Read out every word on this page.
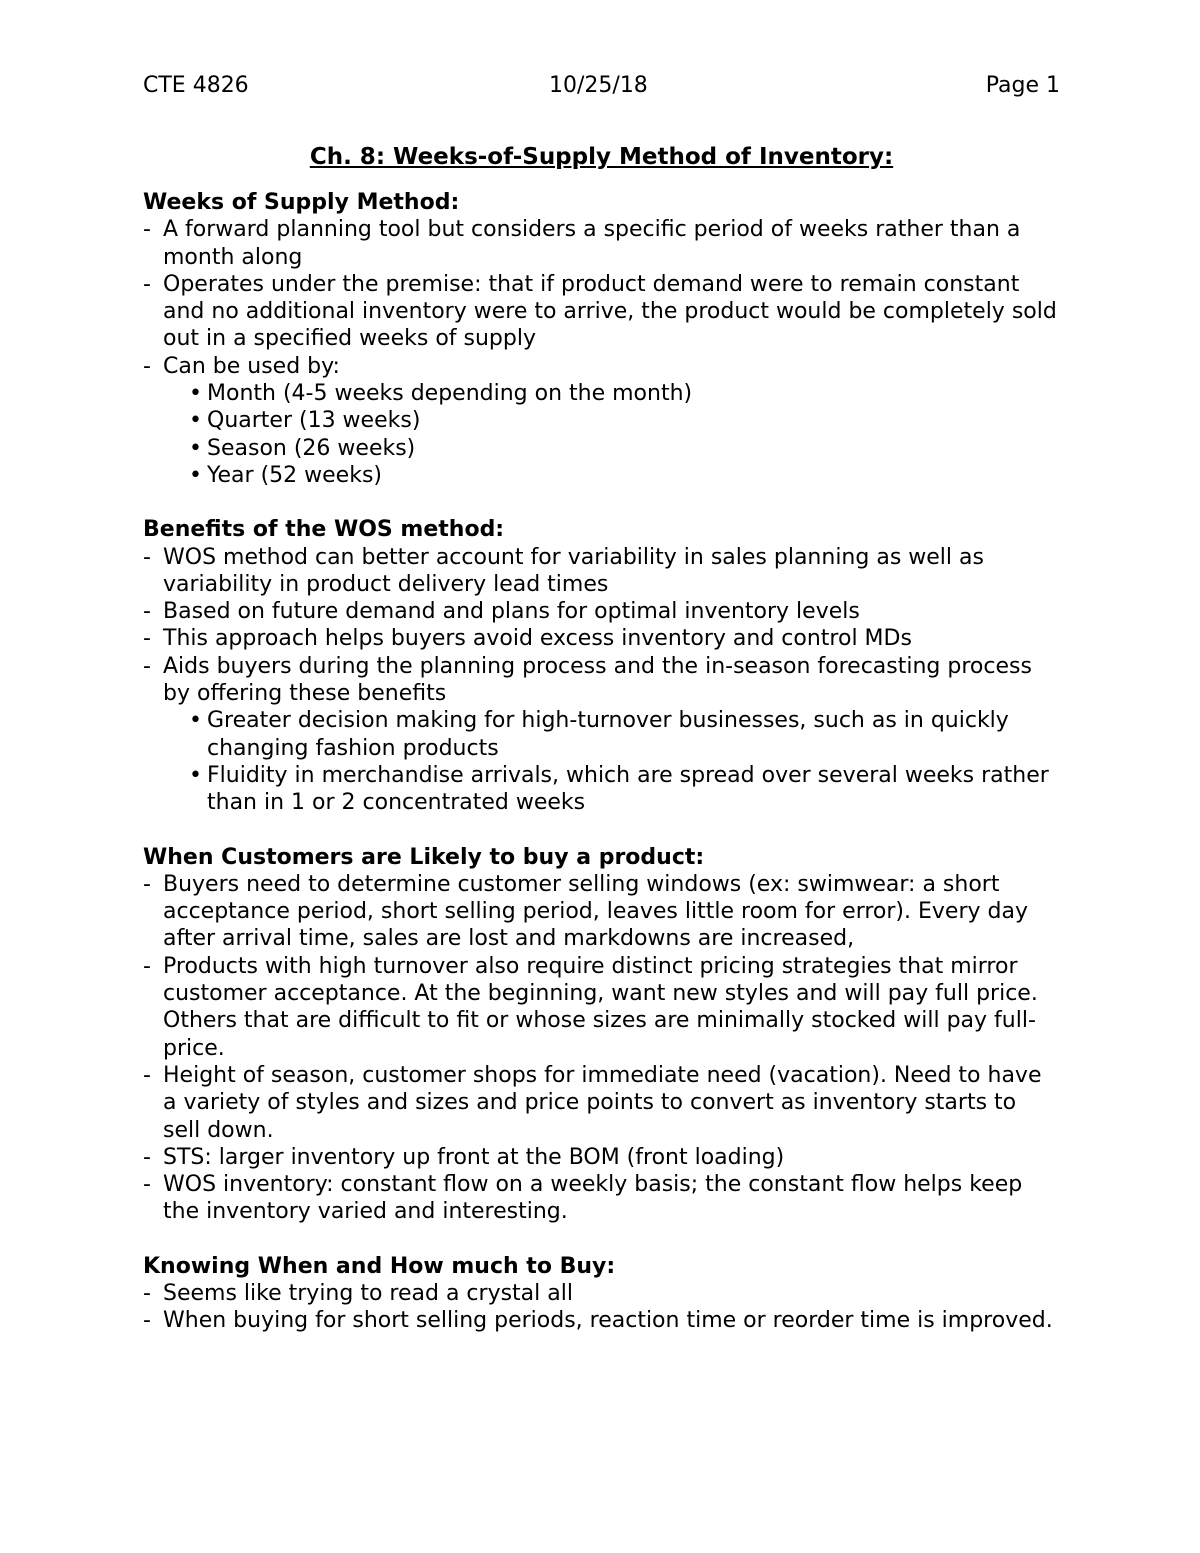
CTE 4826	10/25/18	Page 1
Ch. 8: Weeks-of-Supply Method of Inventory:

Weeks of Supply Method:

- A forward planning tool but considers a specific period of weeks rather than a month along
- Operates under the premise: that if product demand were to remain constant and no additional inventory were to arrive, the product would be completely sold out in a specified weeks of supply
- Can be used by:
• Month (4-5 weeks depending on the month)
• Quarter (13 weeks)
• Season (26 weeks)
• Year (52 weeks)

Benefits of the WOS method:

- WOS method can better account for variability in sales planning as well as variability in product delivery lead times
- Based on future demand and plans for optimal inventory levels
- This approach helps buyers avoid excess inventory and control MDs
- Aids buyers during the planning process and the in-season forecasting process by offering these benefits
• Greater decision making for high-turnover businesses, such as in quickly changing fashion products
• Fluidity in merchandise arrivals, which are spread over several weeks rather than in 1 or 2 concentrated weeks

When Customers are Likely to buy a product:

- Buyers need to determine customer selling windows (ex: swimwear: a short acceptance period, short selling period, leaves little room for error). Every day after arrival time, sales are lost and markdowns are increased,
- Products with high turnover also require distinct pricing strategies that mirror customer acceptance. At the beginning, want new styles and will pay full price. Others that are difficult to fit or whose sizes are minimally stocked will pay full-price.
- Height of season, customer shops for immediate need (vacation). Need to have a variety of styles and sizes and price points to convert as inventory starts to sell down.
- STS: larger inventory up front at the BOM (front loading)
- WOS inventory: constant flow on a weekly basis; the constant flow helps keep the inventory varied and interesting.

Knowing When and How much to Buy:

- Seems like trying to read a crystal all
- When buying for short selling periods, reaction time or reorder time is improved.
